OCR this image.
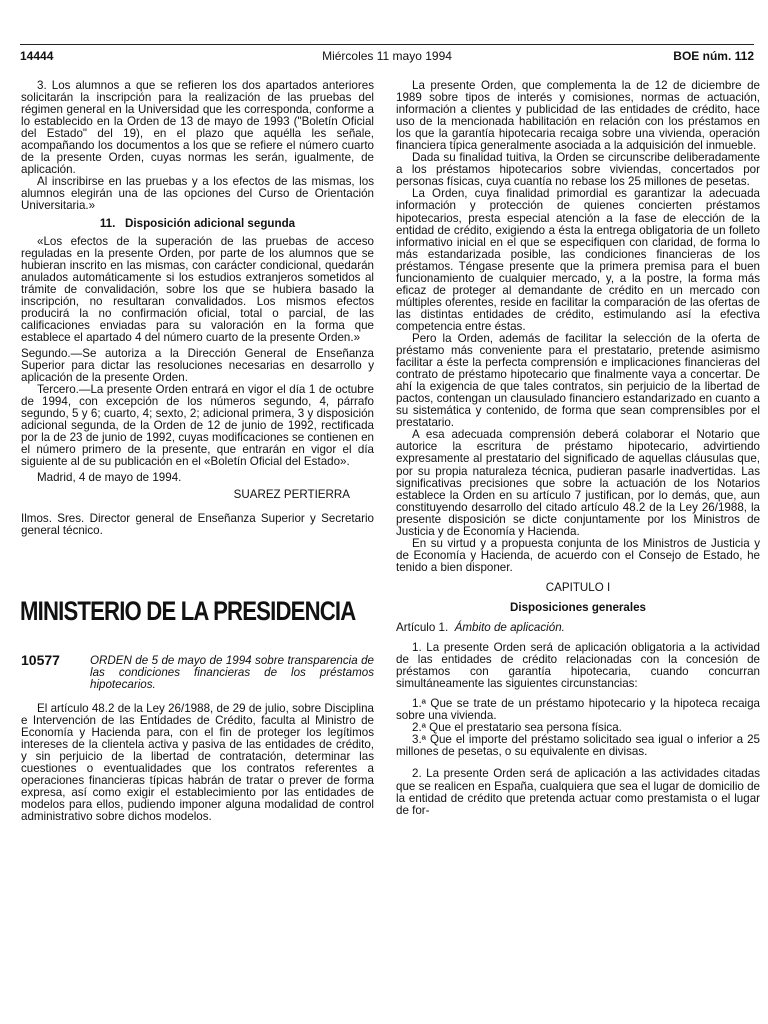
14444	Miércoles 11 mayo 1994	BOE núm. 112

3. Los alumnos a que se refieren los dos apartados anteriores solicitarán la inscripción para la realización de las pruebas del régimen general en la Universidad que les corresponda, conforme a lo establecido en la Orden de 13 de mayo de 1993 ("Boletín Oficial del Estado" del 19), en el plazo que aquélla les señale, acompañando los documentos a los que se refiere el número cuarto de la presente Orden, cuyas normas les serán, igualmente, de aplicación.

Al inscribirse en las pruebas y a los efectos de las mismas, los alumnos elegirán una de las opciones del Curso de Orientación Universitaria.»

11. Disposición adicional segunda

«Los efectos de la superación de las pruebas de acceso reguladas en la presente Orden, por parte de los alumnos que se hubieran inscrito en las mismas, con carácter condicional, quedarán anulados automáticamente si los estudios extranjeros sometidos al trámite de convalidación, sobre los que se hubiera basado la inscripción, no resultaran convalidados. Los mismos efectos producirá la no confirmación oficial, total o parcial, de las calificaciones enviadas para su valoración en la forma que establece el apartado 4 del número cuarto de la presente Orden.»

Segundo.—Se autoriza a la Dirección General de Enseñanza Superior para dictar las resoluciones necesarias en desarrollo y aplicación de la presente Orden.

Tercero.—La presente Orden entrará en vigor el día 1 de octubre de 1994, con excepción de los números segundo, 4, párrafo segundo, 5 y 6; cuarto, 4; sexto, 2; adicional primera, 3 y disposición adicional segunda, de la Orden de 12 de junio de 1992, rectificada por la de 23 de junio de 1992, cuyas modificaciones se contienen en el número primero de la presente, que entrarán en vigor el día siguiente al de su publicación en el «Boletín Oficial del Estado».

Madrid, 4 de mayo de 1994.

SUAREZ PERTIERRA

Ilmos. Sres. Director general de Enseñanza Superior y Secretario general técnico.

MINISTERIO DE LA PRESIDENCIA

10577	ORDEN de 5 de mayo de 1994 sobre transparencia de las condiciones financieras de los préstamos hipotecarios.

El artículo 48.2 de la Ley 26/1988, de 29 de julio, sobre Disciplina e Intervención de las Entidades de Crédito, faculta al Ministro de Economía y Hacienda para, con el fin de proteger los legítimos intereses de la clientela activa y pasiva de las entidades de crédito, y sin perjuicio de la libertad de contratación, determinar las cuestiones o eventualidades que los contratos referentes a operaciones financieras típicas habrán de tratar o prever de forma expresa, así como exigir el establecimiento por las entidades de modelos para ellos, pudiendo imponer alguna modalidad de control administrativo sobre dichos modelos.

La presente Orden, que complementa la de 12 de diciembre de 1989 sobre tipos de interés y comisiones, normas de actuación, información a clientes y publicidad de las entidades de crédito, hace uso de la mencionada habilitación en relación con los préstamos en los que la garantía hipotecaria recaiga sobre una vivienda, operación financiera típica generalmente asociada a la adquisición del inmueble.

Dada su finalidad tuitiva, la Orden se circunscribe deliberadamente a los préstamos hipotecarios sobre viviendas, concertados por personas físicas, cuya cuantía no rebase los 25 millones de pesetas.

La Orden, cuya finalidad primordial es garantizar la adecuada información y protección de quienes concierten préstamos hipotecarios, presta especial atención a la fase de elección de la entidad de crédito, exigiendo a ésta la entrega obligatoria de un folleto informativo inicial en el que se especifiquen con claridad, de forma lo más estandarizada posible, las condiciones financieras de los préstamos. Téngase presente que la primera premisa para el buen funcionamiento de cualquier mercado, y, a la postre, la forma más eficaz de proteger al demandante de crédito en un mercado con múltiples oferentes, reside en facilitar la comparación de las ofertas de las distintas entidades de crédito, estimulando así la efectiva competencia entre éstas.

Pero la Orden, además de facilitar la selección de la oferta de préstamo más conveniente para el prestatario, pretende asimismo facilitar a éste la perfecta comprensión e implicaciones financieras del contrato de préstamo hipotecario que finalmente vaya a concertar. De ahí la exigencia de que tales contratos, sin perjuicio de la libertad de pactos, contengan un clausulado financiero estandarizado en cuanto a su sistemática y contenido, de forma que sean comprensibles por el prestatario.

A esa adecuada comprensión deberá colaborar el Notario que autorice la escritura de préstamo hipotecario, advirtiendo expresamente al prestatario del significado de aquellas cláusulas que, por su propia naturaleza técnica, pudieran pasarle inadvertidas. Las significativas precisiones que sobre la actuación de los Notarios establece la Orden en su artículo 7 justifican, por lo demás, que, aun constituyendo desarrollo del citado artículo 48.2 de la Ley 26/1988, la presente disposición se dicte conjuntamente por los Ministros de Justicia y de Economía y Hacienda.

En su virtud y a propuesta conjunta de los Ministros de Justicia y de Economía y Hacienda, de acuerdo con el Consejo de Estado, he tenido a bien disponer.

CAPITULO I

Disposiciones generales

Artículo 1. Ámbito de aplicación.

1. La presente Orden será de aplicación obligatoria a la actividad de las entidades de crédito relacionadas con la concesión de préstamos con garantía hipotecaria, cuando concurran simultáneamente las siguientes circunstancias:

1.ª Que se trate de un préstamo hipotecario y la hipoteca recaiga sobre una vivienda.

2.ª Que el prestatario sea persona física.

3.ª Que el importe del préstamo solicitado sea igual o inferior a 25 millones de pesetas, o su equivalente en divisas.

2. La presente Orden será de aplicación a las actividades citadas que se realicen en España, cualquiera que sea el lugar de domicilio de la entidad de crédito que pretenda actuar como prestamista o el lugar de for-
